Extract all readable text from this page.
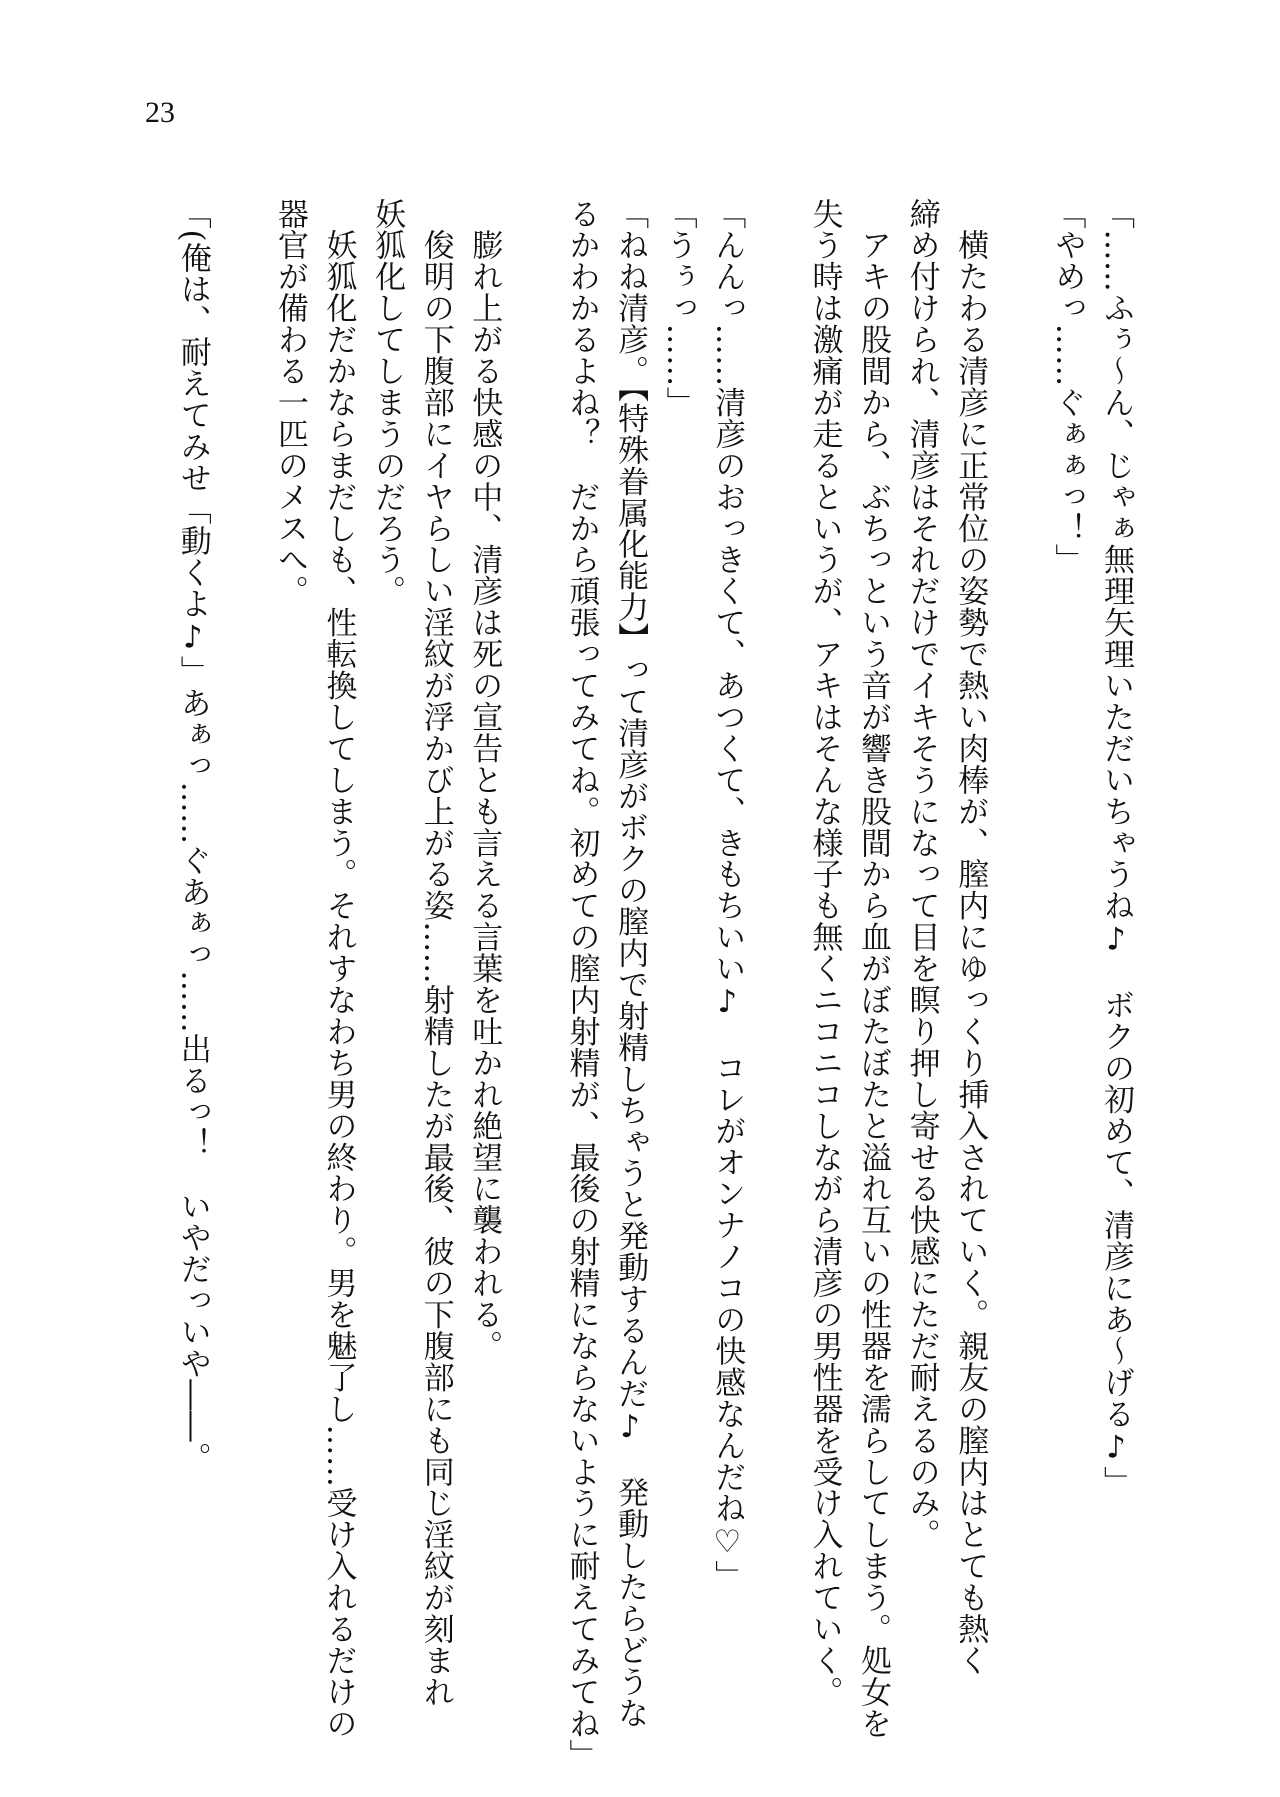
23
「……ふぅ～ん、じゃぁ無理矢理いただいちゃうね♪　ボクの初めて、清彦にあ～げる♪」
「やめっ……ぐぁぁっ！」

　横たわる清彦に正常位の姿勢で熱い肉棒が、膣内にゆっくり挿入されていく。親友の膣内はとても熱く
締め付けられ、清彦はそれだけでイキそうになって目を瞑り押し寄せる快感にただ耐えるのみ。
　アキの股間から、ぶちっという音が響き股間から血がぼたぼたと溢れ互いの性器を濡らしてしまう。処女を
失う時は激痛が走るというが、アキはそんな様子も無くニコニコしながら清彦の男性器を受け入れていく。

「んんっ……清彦のおっきくて、あつくて、きもちいい♪　コレがオンナノコの快感なんだね♡」
「うぅっ……」
「ねね清彦。【特殊眷属化能力】って清彦がボクの膣内で射精しちゃうと発動するんだ♪　発動したらどうな
るかわかるよね？　だから頑張ってみてね。初めての膣内射精が、最後の射精にならないように耐えてみてね」

　膨れ上がる快感の中、清彦は死の宣告とも言える言葉を吐かれ絶望に襲われる。
　俊明の下腹部にイヤらしい淫紋が浮かび上がる姿……射精したが最後、彼の下腹部にも同じ淫紋が刻まれ
妖狐化してしまうのだろう。
　妖狐化だかならまだしも、性転換してしまう。それすなわち男の終わり。男を魅了し……受け入れるだけの
器官が備わる一匹のメスへ。

「(俺は、耐えてみせ「動くよ♪」あぁっ……ぐあぁっ……出るっ！　いやだっいや――。
